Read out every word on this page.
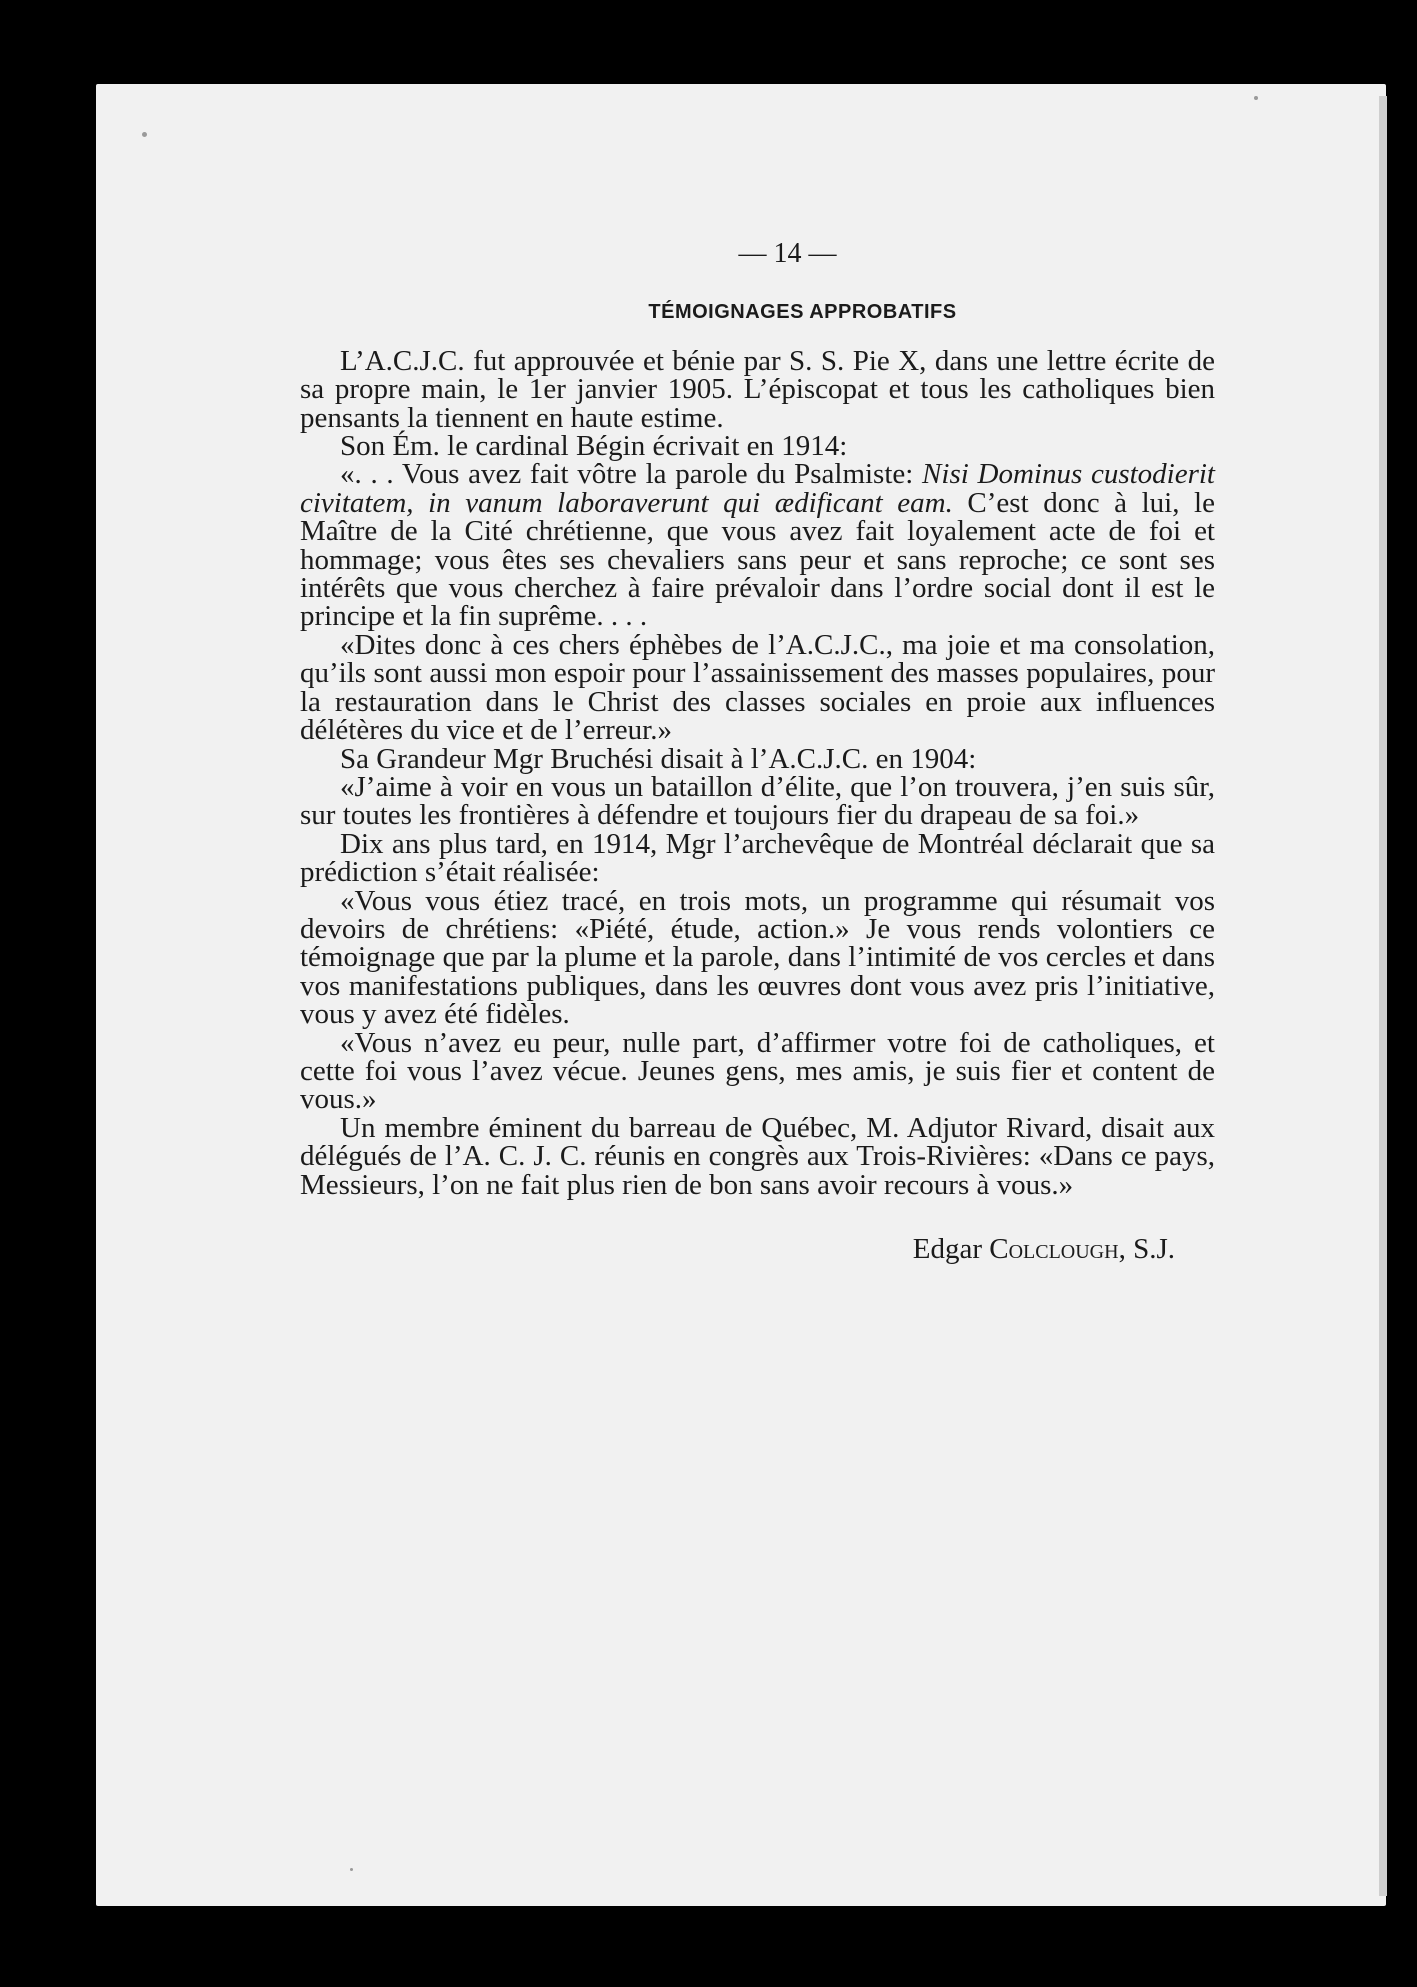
— 14 —
TÉMOIGNAGES APPROBATIFS

L’A.C.J.C. fut approuvée et bénie par S. S. Pie X, dans une lettre écrite de sa propre main, le 1er janvier 1905. L’épiscopat et tous les catholiques bien pensants la tiennent en haute estime.

Son Ém. le cardinal Bégin écrivait en 1914:

«. . . Vous avez fait vôtre la parole du Psalmiste: Nisi Dominus custodierit civitatem, in vanum laboraverunt qui ædificant eam. C’est donc à lui, le Maître de la Cité chrétienne, que vous avez fait loyalement acte de foi et hommage; vous êtes ses chevaliers sans peur et sans reproche; ce sont ses intérêts que vous cherchez à faire prévaloir dans l’ordre social dont il est le principe et la fin suprême. . . .

«Dites donc à ces chers éphèbes de l’A.C.J.C., ma joie et ma consolation, qu’ils sont aussi mon espoir pour l’assainissement des masses populaires, pour la restauration dans le Christ des classes sociales en proie aux influences délétères du vice et de l’erreur.»

Sa Grandeur Mgr Bruchési disait à l’A.C.J.C. en 1904:

«J’aime à voir en vous un bataillon d’élite, que l’on trouvera, j’en suis sûr, sur toutes les frontières à défendre et toujours fier du drapeau de sa foi.»

Dix ans plus tard, en 1914, Mgr l’archevêque de Montréal déclarait que sa prédiction s’était réalisée:

«Vous vous étiez tracé, en trois mots, un programme qui résumait vos devoirs de chrétiens: «Piété, étude, action.» Je vous rends volontiers ce témoignage que par la plume et la parole, dans l’intimité de vos cercles et dans vos manifestations publiques, dans les œuvres dont vous avez pris l’initiative, vous y avez été fidèles.

«Vous n’avez eu peur, nulle part, d’affirmer votre foi de catholiques, et cette foi vous l’avez vécue. Jeunes gens, mes amis, je suis fier et content de vous.»

Un membre éminent du barreau de Québec, M. Adjutor Rivard, disait aux délégués de l’A. C. J. C. réunis en congrès aux Trois-Rivières: «Dans ce pays, Messieurs, l’on ne fait plus rien de bon sans avoir recours à vous.»

Edgar Colclough, S.J.
